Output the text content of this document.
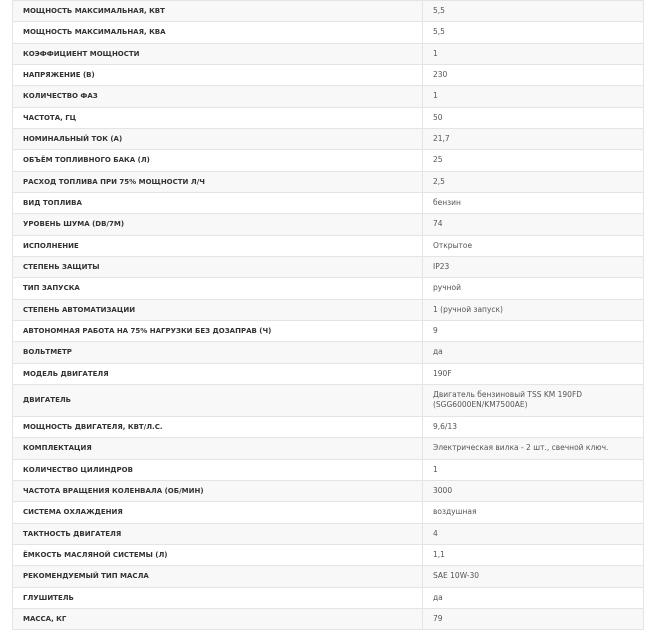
МОЩНОСТЬ МАКСИМАЛЬНАЯ, КВТ	5,5
МОЩНОСТЬ МАКСИМАЛЬНАЯ, КВА	5,5
КОЭФФИЦИЕНТ МОЩНОСТИ	1
НАПРЯЖЕНИЕ (В)	230
КОЛИЧЕСТВО ФАЗ	1
ЧАСТОТА, ГЦ	50
НОМИНАЛЬНЫЙ ТОК (А)	21,7
ОБЪЁМ ТОПЛИВНОГО БАКА (Л)	25
РАСХОД ТОПЛИВА ПРИ 75% МОЩНОСТИ Л/Ч	2,5
ВИД ТОПЛИВА	бензин
УРОВЕНЬ ШУМА (DB/7M)	74
ИСПОЛНЕНИЕ	Открытое
СТЕПЕНЬ ЗАЩИТЫ	IP23
ТИП ЗАПУСКА	ручной
СТЕПЕНЬ АВТОМАТИЗАЦИИ	1 (ручной запуск)
АВТОНОМНАЯ РАБОТА НА 75% НАГРУЗКИ БЕЗ ДОЗАПРАВ (Ч)	9
ВОЛЬТМЕТР	да
МОДЕЛЬ ДВИГАТЕЛЯ	190F
ДВИГАТЕЛЬ	Двигатель бензиновый TSS KM 190FD (SGG6000EN/KM7500AE)
МОЩНОСТЬ ДВИГАТЕЛЯ, КВТ/Л.С.	9,6/13
КОМПЛЕКТАЦИЯ	Электрическая вилка - 2 шт., свечной ключ.
КОЛИЧЕСТВО ЦИЛИНДРОВ	1
ЧАСТОТА ВРАЩЕНИЯ КОЛЕНВАЛА (ОБ/МИН)	3000
СИСТЕМА ОХЛАЖДЕНИЯ	воздушная
ТАКТНОСТЬ ДВИГАТЕЛЯ	4
ЁМКОСТЬ МАСЛЯНОЙ СИСТЕМЫ (Л)	1,1
РЕКОМЕНДУЕМЫЙ ТИП МАСЛА	SAE 10W-30
ГЛУШИТЕЛЬ	да
МАССА, КГ	79
